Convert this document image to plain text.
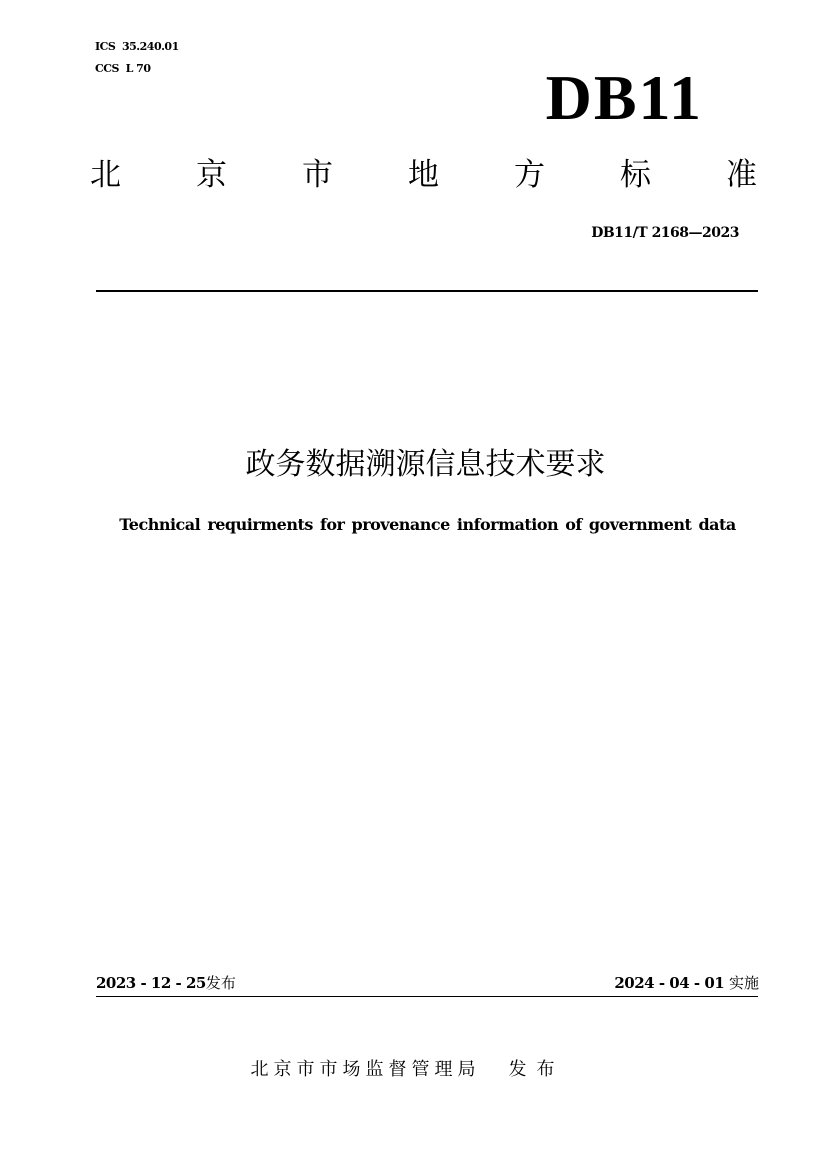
ICS  35.240.01
CCS  L 70	DB11
北 京 市 地 方 标 准
DB11/T 2168—2023
政务数据溯源信息技术要求
Technical requirments for provenance information of government data
2023 - 12 - 25发布	2024 - 04 - 01 实施
北京市市场监督管理局 发布
